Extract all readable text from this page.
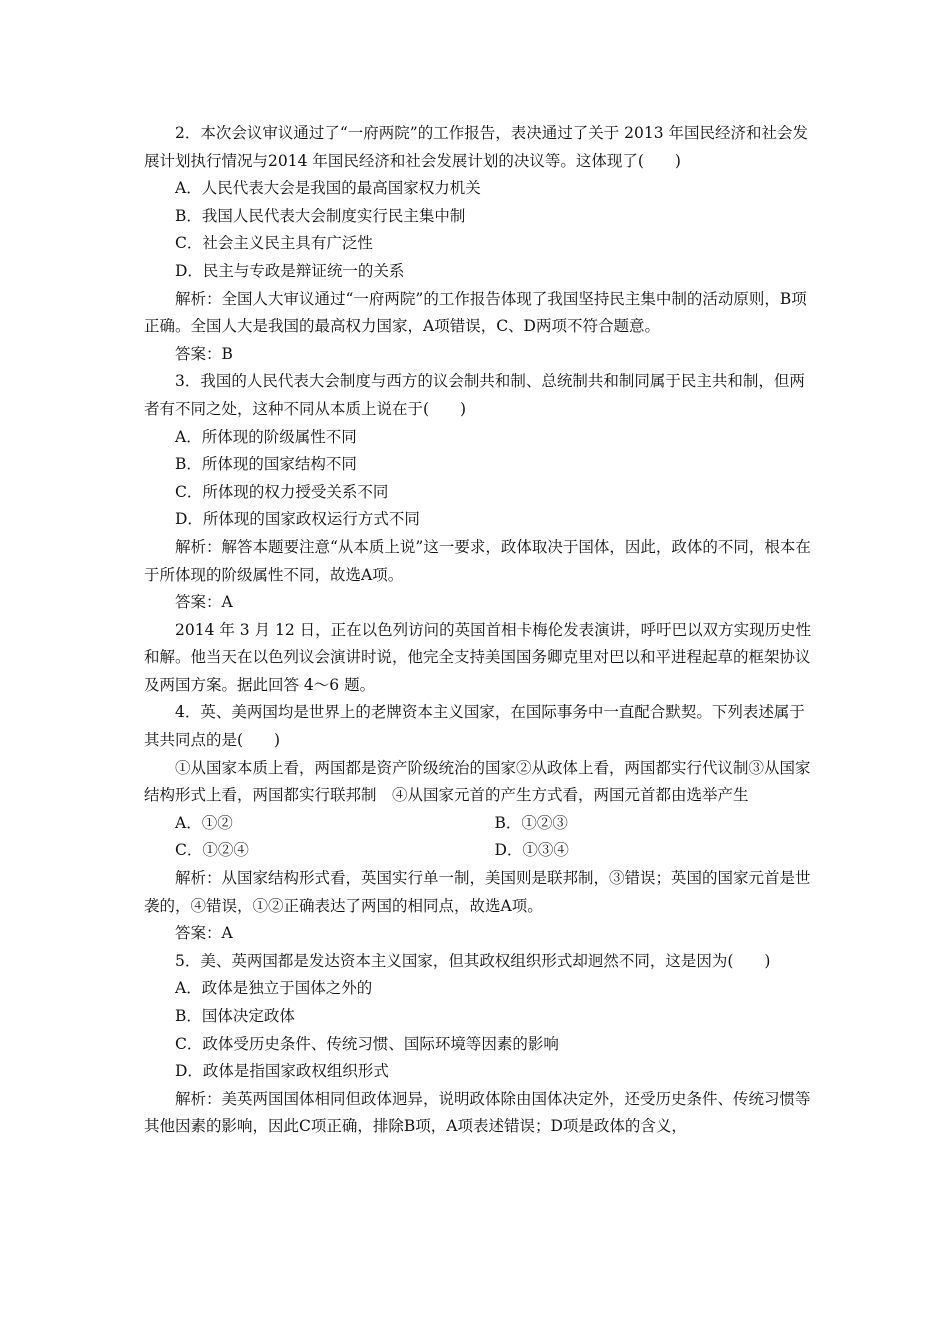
2．本次会议审议通过了“一府两院”的工作报告，表决通过了关于 2013 年国民经济和社会发展计划执行情况与2014 年国民经济和社会发展计划的决议等。这体现了(　　)
A．人民代表大会是我国的最高国家权力机关
B．我国人民代表大会制度实行民主集中制
C．社会主义民主具有广泛性
D．民主与专政是辩证统一的关系
解析：全国人大审议通过“一府两院”的工作报告体现了我国坚持民主集中制的活动原则，B项正确。全国人大是我国的最高权力国家，A项错误，C、D两项不符合题意。
答案：B
3．我国的人民代表大会制度与西方的议会制共和制、总统制共和制同属于民主共和制，但两者有不同之处，这种不同从本质上说在于(　　)
A．所体现的阶级属性不同
B．所体现的国家结构不同
C．所体现的权力授受关系不同
D．所体现的国家政权运行方式不同
解析：解答本题要注意“从本质上说”这一要求，政体取决于国体，因此，政体的不同，根本在于所体现的阶级属性不同，故选A项。
答案：A
2014 年 3 月 12 日，正在以色列访问的英国首相卡梅伦发表演讲，呼吁巴以双方实现历史性和解。他当天在以色列议会演讲时说，他完全支持美国国务卿克里对巴以和平进程起草的框架协议及两国方案。据此回答 4～6 题。
4．英、美两国均是世界上的老牌资本主义国家，在国际事务中一直配合默契。下列表述属于其共同点的是(　　)
①从国家本质上看，两国都是资产阶级统治的国家②从政体上看，两国都实行代议制③从国家结构形式上看，两国都实行联邦制　④从国家元首的产生方式看，两国元首都由选举产生
A．①②	B．①②③
C．①②④	D．①③④
解析：从国家结构形式看，英国实行单一制，美国则是联邦制，③错误；英国的国家元首是世袭的，④错误，①②正确表达了两国的相同点，故选A项。
答案：A
5．美、英两国都是发达资本主义国家，但其政权组织形式却迥然不同，这是因为(　　)
A．政体是独立于国体之外的
B．国体决定政体
C．政体受历史条件、传统习惯、国际环境等因素的影响
D．政体是指国家政权组织形式
解析：美英两国国体相同但政体迥异，说明政体除由国体决定外，还受历史条件、传统习惯等其他因素的影响，因此C项正确，排除B项，A项表述错误；D项是政体的含义，
